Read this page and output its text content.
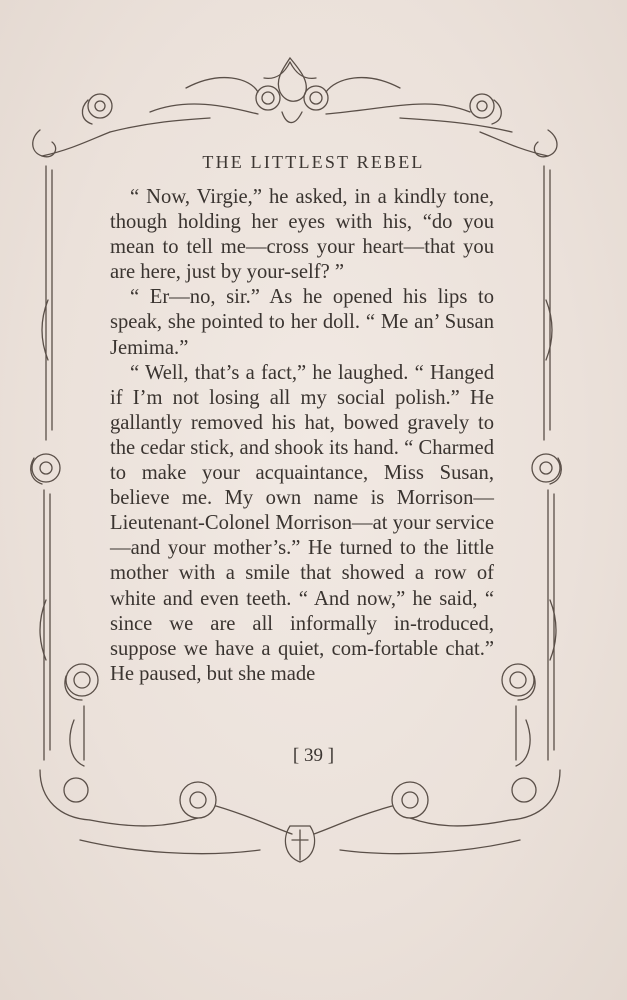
THE LITTLEST REBEL

“ Now, Virgie,” he asked, in a kindly tone, though holding her eyes with his, “do you mean to tell me—cross your heart—that you are here, just by your-self? ”

“ Er—no, sir.” As he opened his lips to speak, she pointed to her doll. “ Me an’ Susan Jemima.”

“ Well, that’s a fact,” he laughed. “ Hanged if I’m not losing all my social polish.” He gallantly removed his hat, bowed gravely to the cedar stick, and shook its hand. “ Charmed to make your acquaintance, Miss Susan, believe me. My own name is Morrison—Lieutenant-Colonel Morrison—at your service—and your mother’s.” He turned to the little mother with a smile that showed a row of white and even teeth. “ And now,” he said, “ since we are all informally in-troduced, suppose we have a quiet, com-fortable chat.” He paused, but she made

[ 39 ]
